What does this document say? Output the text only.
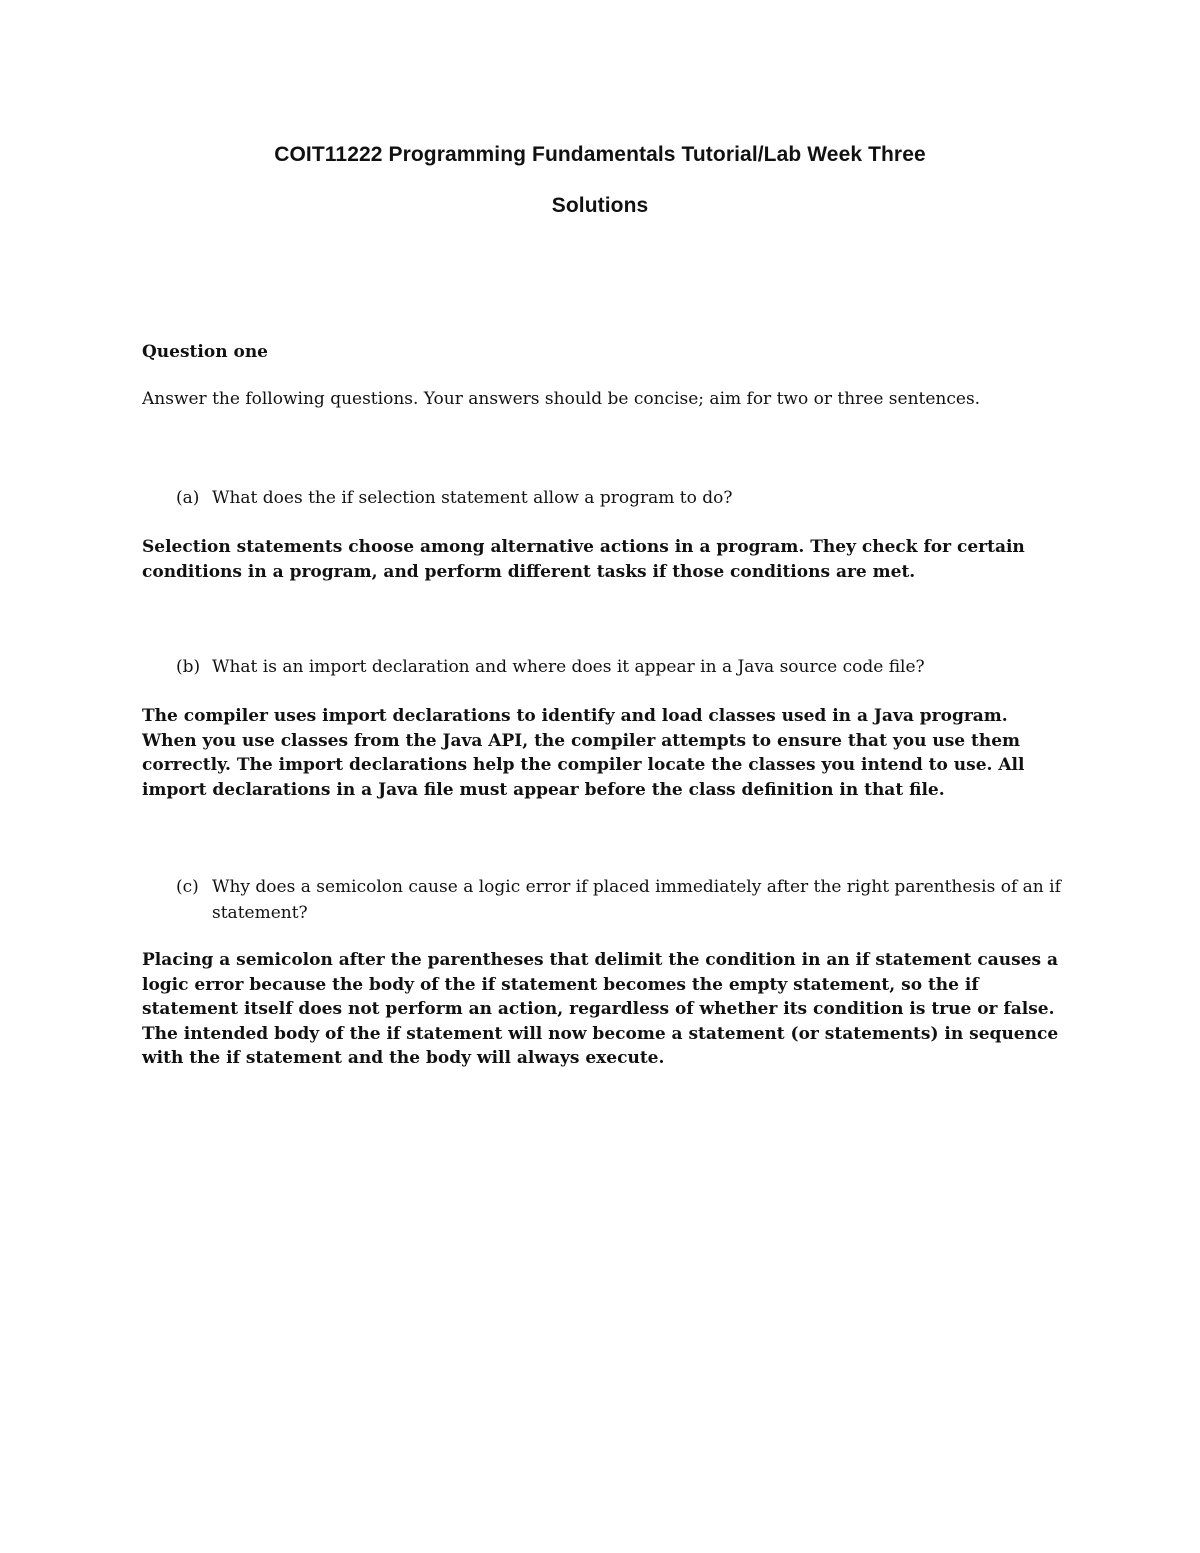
COIT11222 Programming Fundamentals Tutorial/Lab Week Three
Solutions
Question one

Answer the following questions. Your answers should be concise; aim for two or three sentences.

(a) What does the if selection statement allow a program to do?

Selection statements choose among alternative actions in a program. They check for certain conditions in a program, and perform different tasks if those conditions are met.

(b) What is an import declaration and where does it appear in a Java source code file?

The compiler uses import declarations to identify and load classes used in a Java program. When you use classes from the Java API, the compiler attempts to ensure that you use them correctly. The import declarations help the compiler locate the classes you intend to use. All import declarations in a Java file must appear before the class definition in that file.

(c) Why does a semicolon cause a logic error if placed immediately after the right parenthesis of an if statement?

Placing a semicolon after the parentheses that delimit the condition in an if statement causes a logic error because the body of the if statement becomes the empty statement, so the if statement itself does not perform an action, regardless of whether its condition is true or false. The intended body of the if statement will now become a statement (or statements) in sequence with the if statement and the body will always execute.
